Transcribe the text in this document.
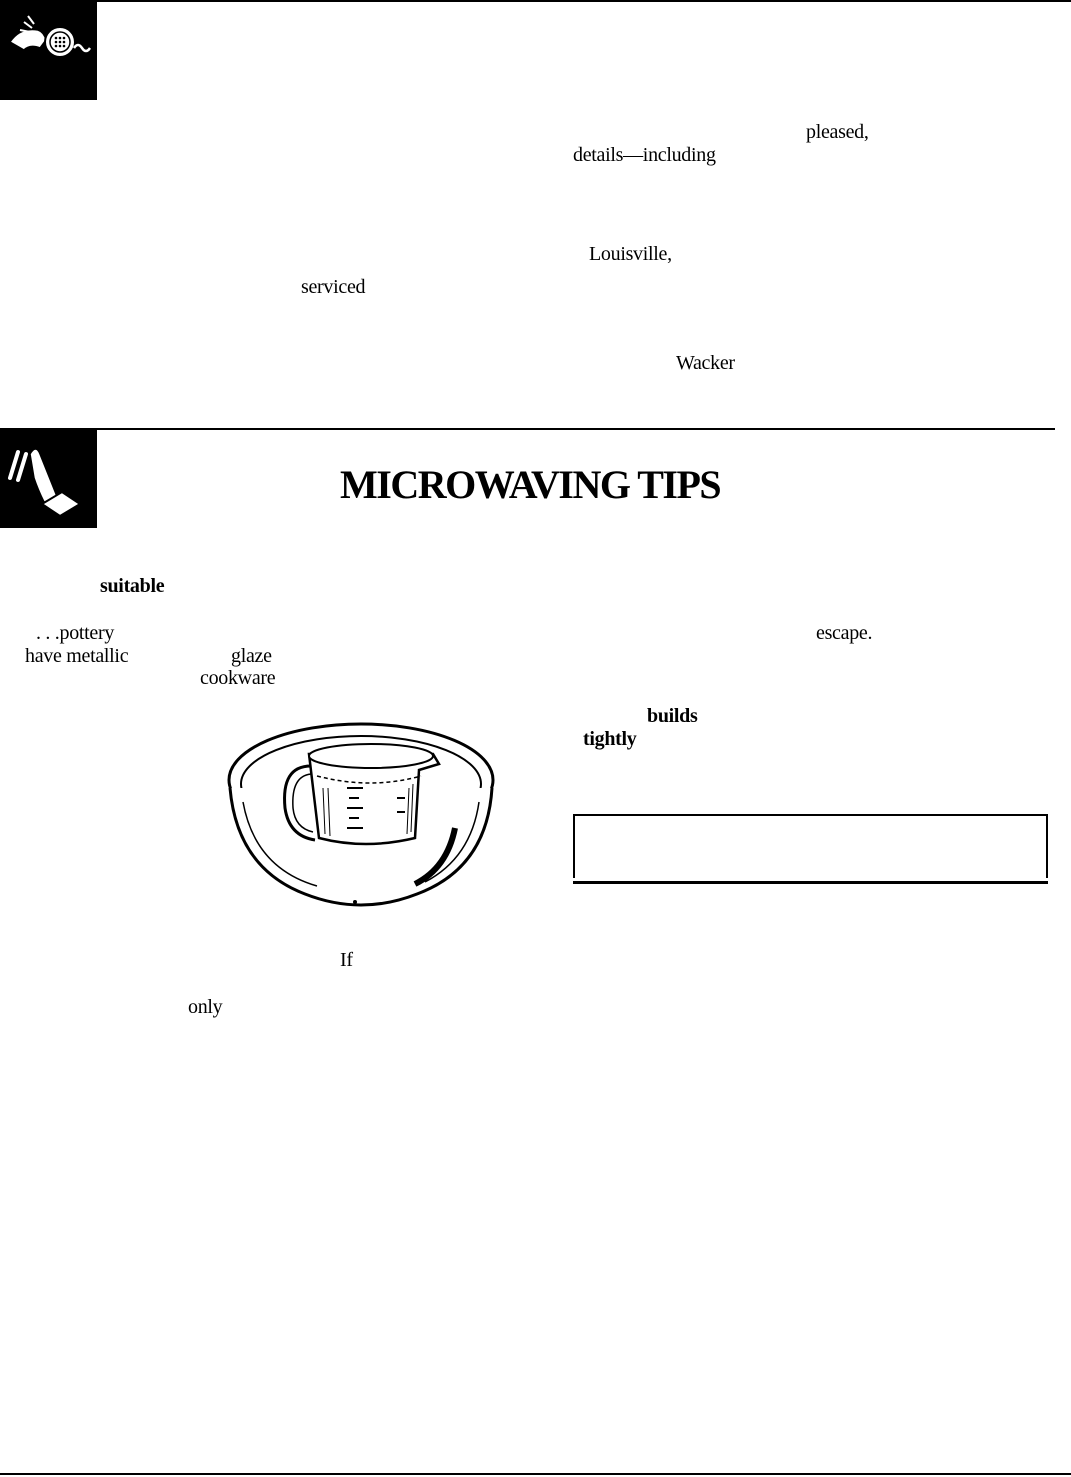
pleased,
details—including
Louisville,
serviced
Wacker
MICROWAVING TIPS
suitable
. . .pottery
have metallic	glaze
cookware
If
only
escape.
builds
tightly
